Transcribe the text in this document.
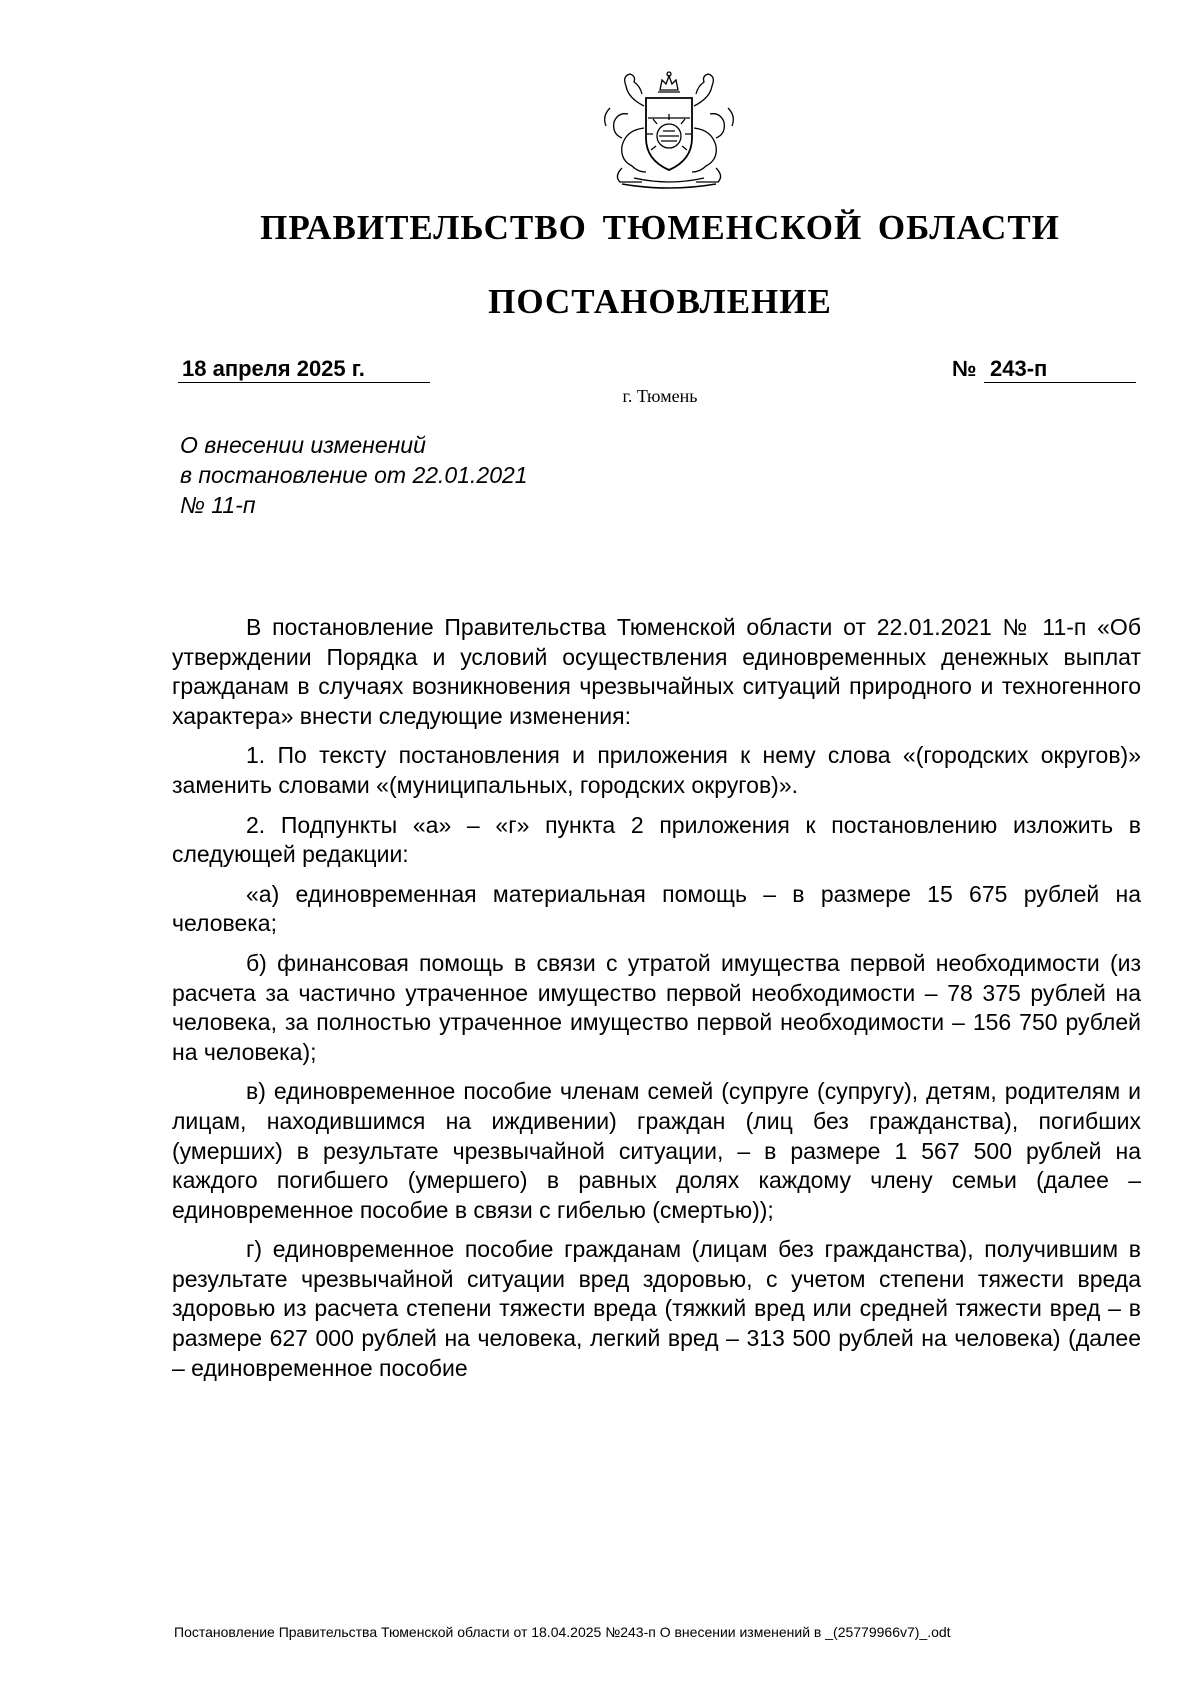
ПРАВИТЕЛЬСТВО ТЮМЕНСКОЙ ОБЛАСТИ
ПОСТАНОВЛЕНИЕ
18 апреля 2025 г.	№ 243-п
г. Тюмень
О внесении изменений
в постановление от 22.01.2021
№ 11-п

В постановление Правительства Тюменской области от 22.01.2021 № 11-п «Об утверждении Порядка и условий осуществления единовременных денежных выплат гражданам в случаях возникновения чрезвычайных ситуаций природного и техногенного характера» внести следующие изменения:

1. По тексту постановления и приложения к нему слова «(городских округов)» заменить словами «(муниципальных, городских округов)».

2. Подпункты «а» – «г» пункта 2 приложения к постановлению изложить в следующей редакции:

«а) единовременная материальная помощь – в размере 15 675 рублей на человека;

б) финансовая помощь в связи с утратой имущества первой необходимости (из расчета за частично утраченное имущество первой необходимости – 78 375 рублей на человека, за полностью утраченное имущество первой необходимости – 156 750 рублей на человека);

в) единовременное пособие членам семей (супруге (супругу), детям, родителям и лицам, находившимся на иждивении) граждан (лиц без гражданства), погибших (умерших) в результате чрезвычайной ситуации, – в размере 1 567 500 рублей на каждого погибшего (умершего) в равных долях каждому члену семьи (далее – единовременное пособие в связи с гибелью (смертью));

г) единовременное пособие гражданам (лицам без гражданства), получившим в результате чрезвычайной ситуации вред здоровью, с учетом степени тяжести вреда здоровью из расчета степени тяжести вреда (тяжкий вред или средней тяжести вред – в размере 627 000 рублей на человека, легкий вред – 313 500 рублей на человека) (далее – единовременное пособие

Постановление Правительства Тюменской области от 18.04.2025 №243-п О внесении изменений в _(25779966v7)_.odt
